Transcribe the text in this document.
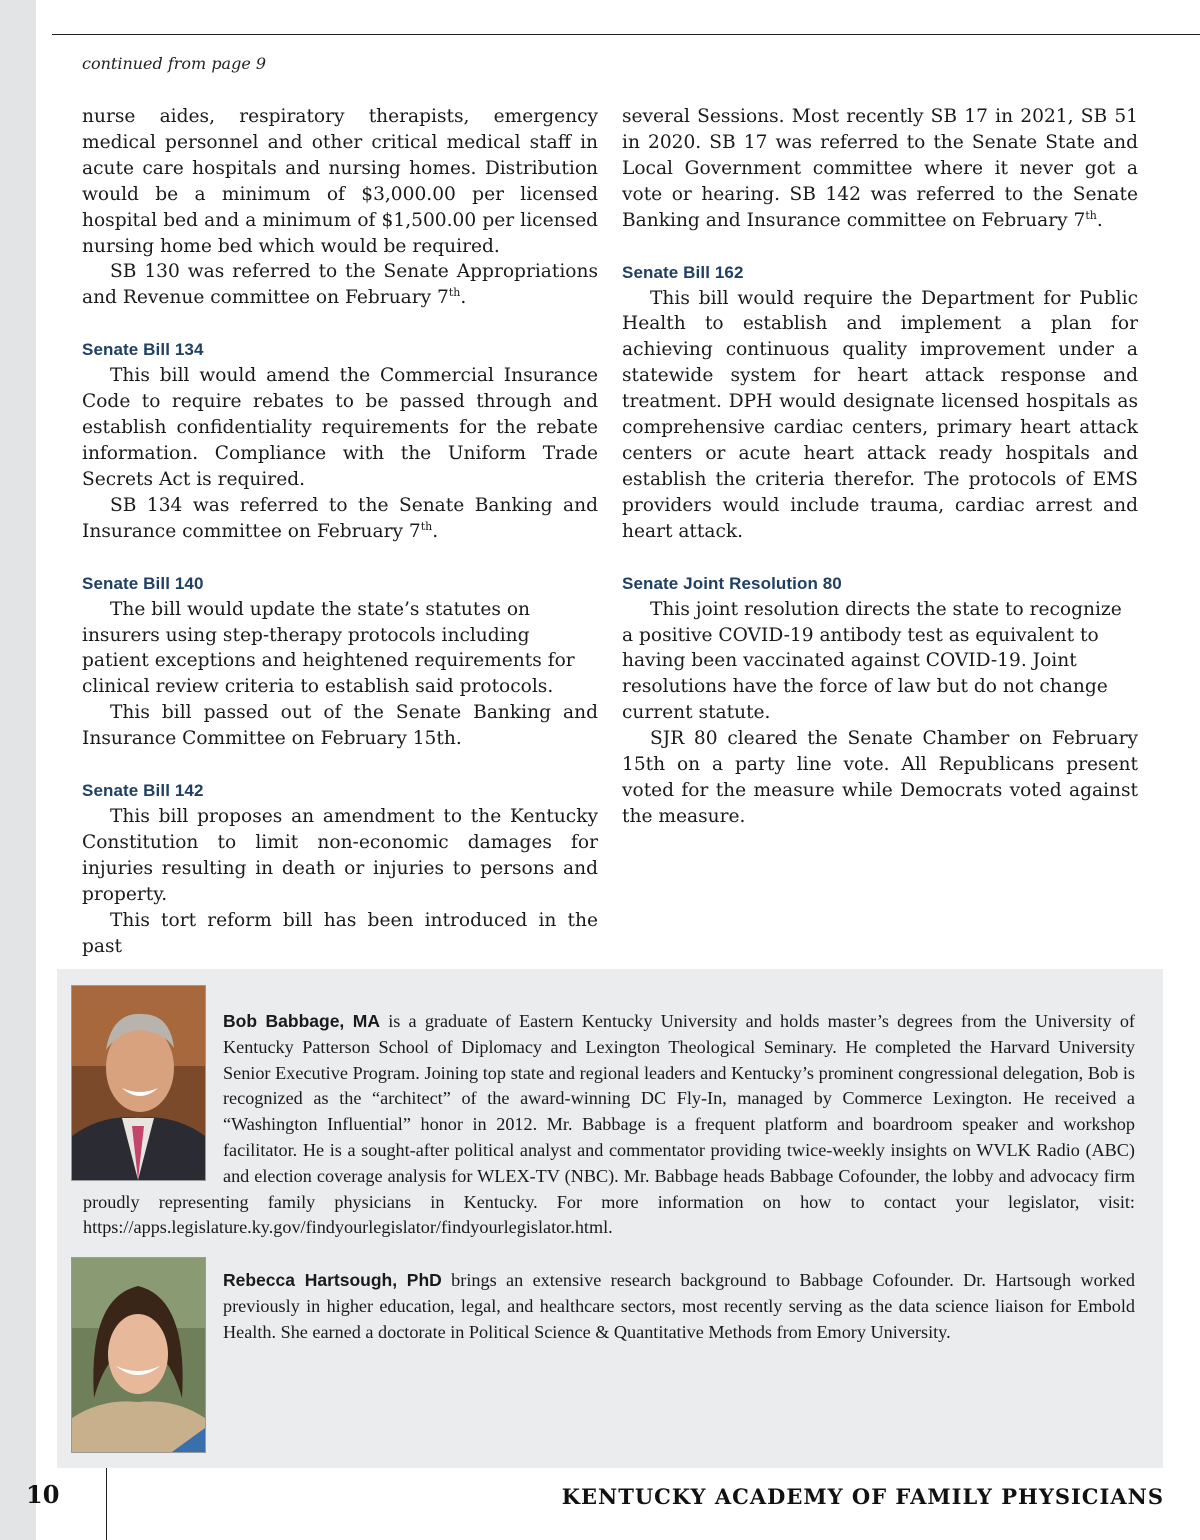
continued from page 9

nurse aides, respiratory therapists, emergency medical personnel and other critical medical staff in acute care hospitals and nursing homes. Distribution would be a minimum of $3,000.00 per licensed hospital bed and a minimum of $1,500.00 per licensed nursing home bed which would be required.

SB 130 was referred to the Senate Appropriations and Revenue committee on February 7th.

Senate Bill 134

This bill would amend the Commercial Insurance Code to require rebates to be passed through and establish confidentiality requirements for the rebate information. Compliance with the Uniform Trade Secrets Act is required.

SB 134 was referred to the Senate Banking and Insurance committee on February 7th.

Senate Bill 140

The bill would update the state’s statutes on insurers using step-therapy protocols including patient exceptions and heightened requirements for clinical review criteria to establish said protocols.

This bill passed out of the Senate Banking and Insurance Committee on February 15th.

Senate Bill 142

This bill proposes an amendment to the Kentucky Constitution to limit non-economic damages for injuries resulting in death or injuries to persons and property.

This tort reform bill has been introduced in the past

several Sessions. Most recently SB 17 in 2021, SB 51 in 2020. SB 17 was referred to the Senate State and Local Government committee where it never got a vote or hearing. SB 142 was referred to the Senate Banking and Insurance committee on February 7th.

Senate Bill 162

This bill would require the Department for Public Health to establish and implement a plan for achieving continuous quality improvement under a statewide system for heart attack response and treatment. DPH would designate licensed hospitals as comprehensive cardiac centers, primary heart attack centers or acute heart attack ready hospitals and establish the criteria therefor. The protocols of EMS providers would include trauma, cardiac arrest and heart attack.

Senate Joint Resolution 80

This joint resolution directs the state to recognize a positive COVID-19 antibody test as equivalent to having been vaccinated against COVID-19. Joint resolutions have the force of law but do not change current statute.

SJR 80 cleared the Senate Chamber on February 15th on a party line vote. All Republicans present voted for the measure while Democrats voted against the measure.

Bob Babbage, MA is a graduate of Eastern Kentucky University and holds master’s degrees from the University of Kentucky Patterson School of Diplomacy and Lexington Theological Seminary. He completed the Harvard University Senior Executive Program. Joining top state and regional leaders and Kentucky’s prominent congressional delegation, Bob is recognized as the “architect” of the award-winning DC Fly-In, managed by Commerce Lexington. He received a “Washington Influential” honor in 2012. Mr. Babbage is a frequent platform and boardroom speaker and workshop facilitator. He is a sought-after political analyst and commentator providing twice-weekly insights on WVLK Radio (ABC) and election coverage analysis for WLEX-TV (NBC). Mr. Babbage heads Babbage Cofounder, the lobby and advocacy firm proudly representing family physicians in Kentucky. For more information on how to contact your legislator, visit: https://apps.legislature.ky.gov/findyourlegislator/findyourlegislator.html.

Rebecca Hartsough, PhD brings an extensive research background to Babbage Cofounder. Dr. Hartsough worked previously in higher education, legal, and healthcare sectors, most recently serving as the data science liaison for Embold Health. She earned a doctorate in Political Science & Quantitative Methods from Emory University.

10	KENTUCKY ACADEMY OF FAMILY PHYSICIANS
